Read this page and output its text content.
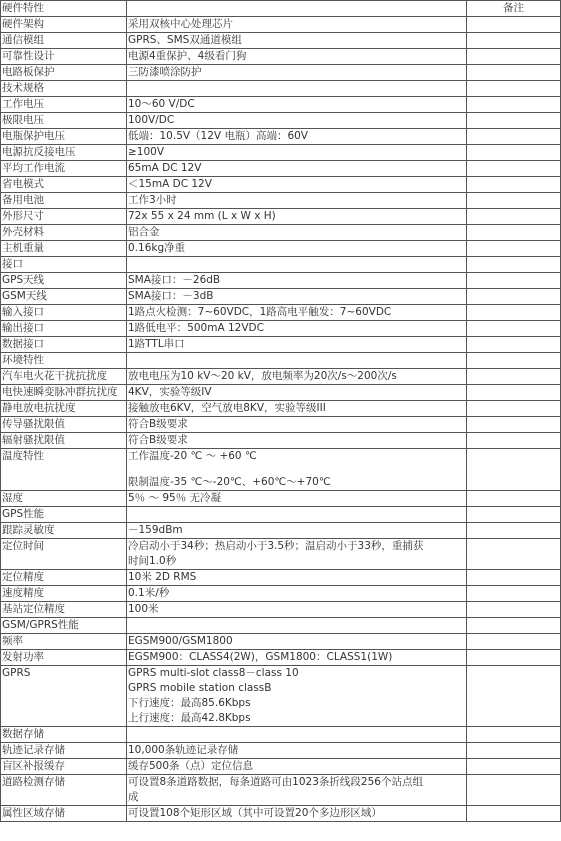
硬件特性		备注
硬件架构	采用双核中心处理芯片	
通信模组	GPRS、SMS双通道模组	
可靠性设计	电源4重保护、4级看门狗	
电路板保护	三防漆喷涂防护	
技术规格		
工作电压	10～60 V/DC	
极限电压	100V/DC	
电瓶保护电压	低端：10.5V（12V 电瓶）高端：60V	
电源抗反接电压	≥100V	
平均工作电流	65mA DC 12V	
省电模式	＜15mA DC 12V	
备用电池	工作3小时	
外形尺寸	72x 55 x 24 mm (L x W x H)	
外壳材料	铝合金	
主机重量	0.16kg净重	
接口		
GPS天线	SMA接口：－26dB	
GSM天线	SMA接口：－3dB	
输入接口	1路点火检测：7~60VDC，1路高电平触发：7~60VDC	
输出接口	1路低电平：500mA 12VDC	
数据接口	1路TTL串口	
环境特性		
汽车电火花干扰抗扰度	放电电压为10 kV～20 kV，放电频率为20次/s～200次/s	
电快速瞬变脉冲群抗扰度	4KV，实验等级IV	
静电放电抗扰度	接触放电6KV，空气放电8KV，实验等级III	
传导骚扰限值	符合B级要求	
辐射骚扰限值	符合B级要求	
温度特性	工作温度-20 ℃ ～ +60 ℃
限制温度-35 ℃～-20℃、+60℃～+70℃	

湿度	5％ ～ 95％ 无冷凝	
GPS性能		
跟踪灵敏度	－159dBm	
定位时间	冷启动小于34秒；热启动小于3.5秒；温启动小于33秒，重捕获
时间1.0秒	

定位精度	10米 2D RMS	
速度精度	0.1米/秒	
基站定位精度	100米	
GSM/GPRS性能		
频率	EGSM900/GSM1800	
发射功率	EGSM900：CLASS4(2W)，GSM1800：CLASS1(1W)	
GPRS	GPRS multi-slot class8－class 10
GPRS mobile station classB
下行速度：最高85.6Kbps
上行速度：最高42.8Kbps	

数据存储		
轨迹记录存储	10,000条轨迹记录存储	
盲区补报缓存	缓存500条（点）定位信息	
道路检测存储	可设置8条道路数据，每条道路可由1023条折线段256个站点组
成	

属性区域存储	可设置108个矩形区域（其中可设置20个多边形区域）	
